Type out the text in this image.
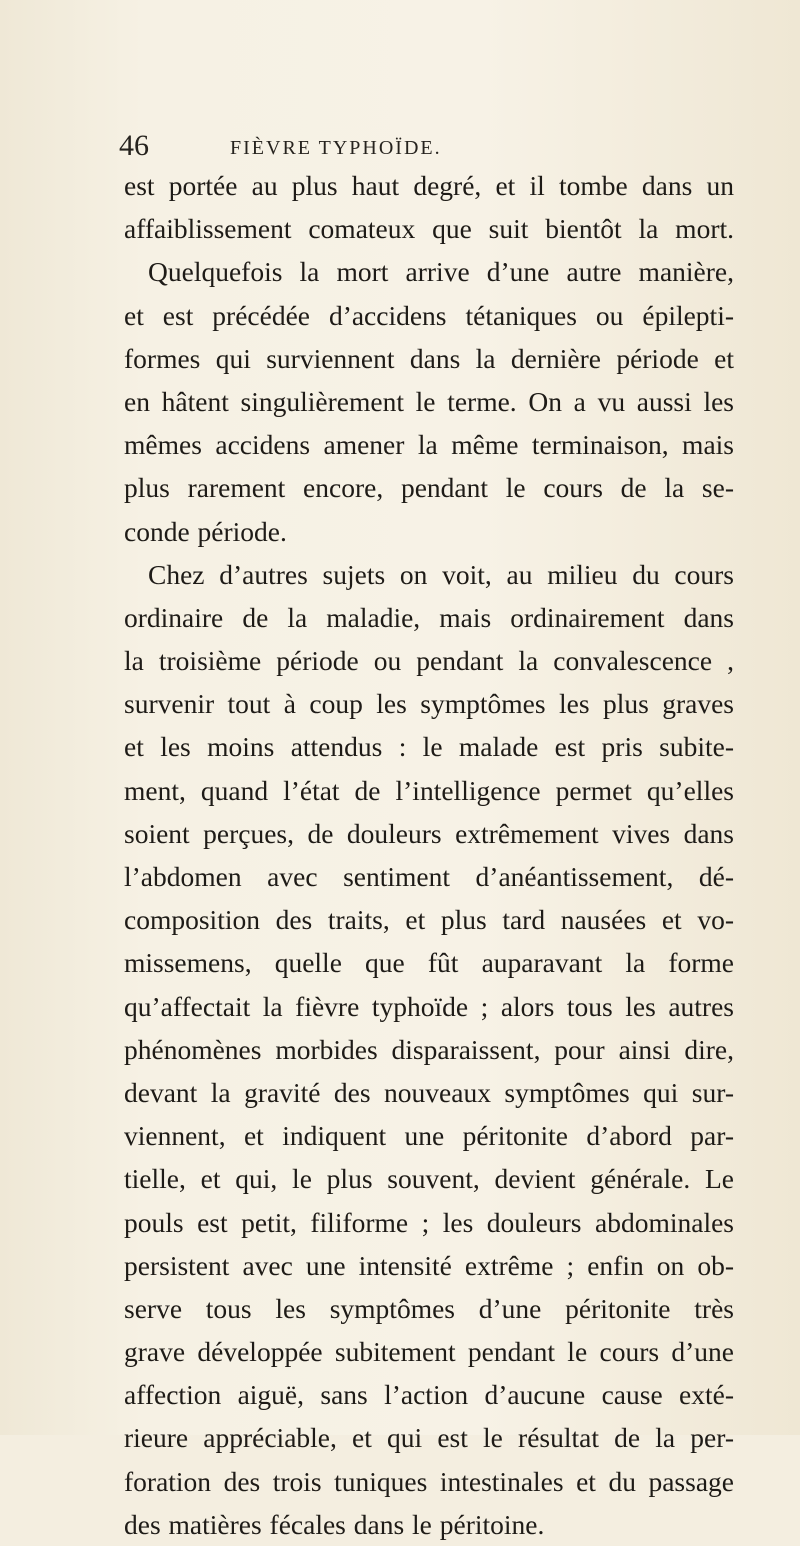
46	FIÈVRE TYPHOÏDE.
est portée au plus haut degré, et il tombe dans un
affaiblissement comateux que suit bientôt la mort.
Quelquefois la mort arrive d’une autre manière,
et est précédée d’accidens tétaniques ou épilepti-
formes qui surviennent dans la dernière période et
en hâtent singulièrement le terme. On a vu aussi les
mêmes accidens amener la même terminaison, mais
plus rarement encore, pendant le cours de la se-
conde période.
Chez d’autres sujets on voit, au milieu du cours
ordinaire de la maladie, mais ordinairement dans
la troisième période ou pendant la convalescence ,
survenir tout à coup les symptômes les plus graves
et les moins attendus : le malade est pris subite-
ment, quand l’état de l’intelligence permet qu’elles
soient perçues, de douleurs extrêmement vives dans
l’abdomen avec sentiment d’anéantissement, dé-
composition des traits, et plus tard nausées et vo-
missemens, quelle que fût auparavant la forme
qu’affectait la fièvre typhoïde ; alors tous les autres
phénomènes morbides disparaissent, pour ainsi dire,
devant la gravité des nouveaux symptômes qui sur-
viennent, et indiquent une péritonite d’abord par-
tielle, et qui, le plus souvent, devient générale. Le
pouls est petit, filiforme ; les douleurs abdominales
persistent avec une intensité extrême ; enfin on ob-
serve tous les symptômes d’une péritonite très
grave développée subitement pendant le cours d’une
affection aiguë, sans l’action d’aucune cause exté-
rieure appréciable, et qui est le résultat de la per-
foration des trois tuniques intestinales et du passage
des matières fécales dans le péritoine.
